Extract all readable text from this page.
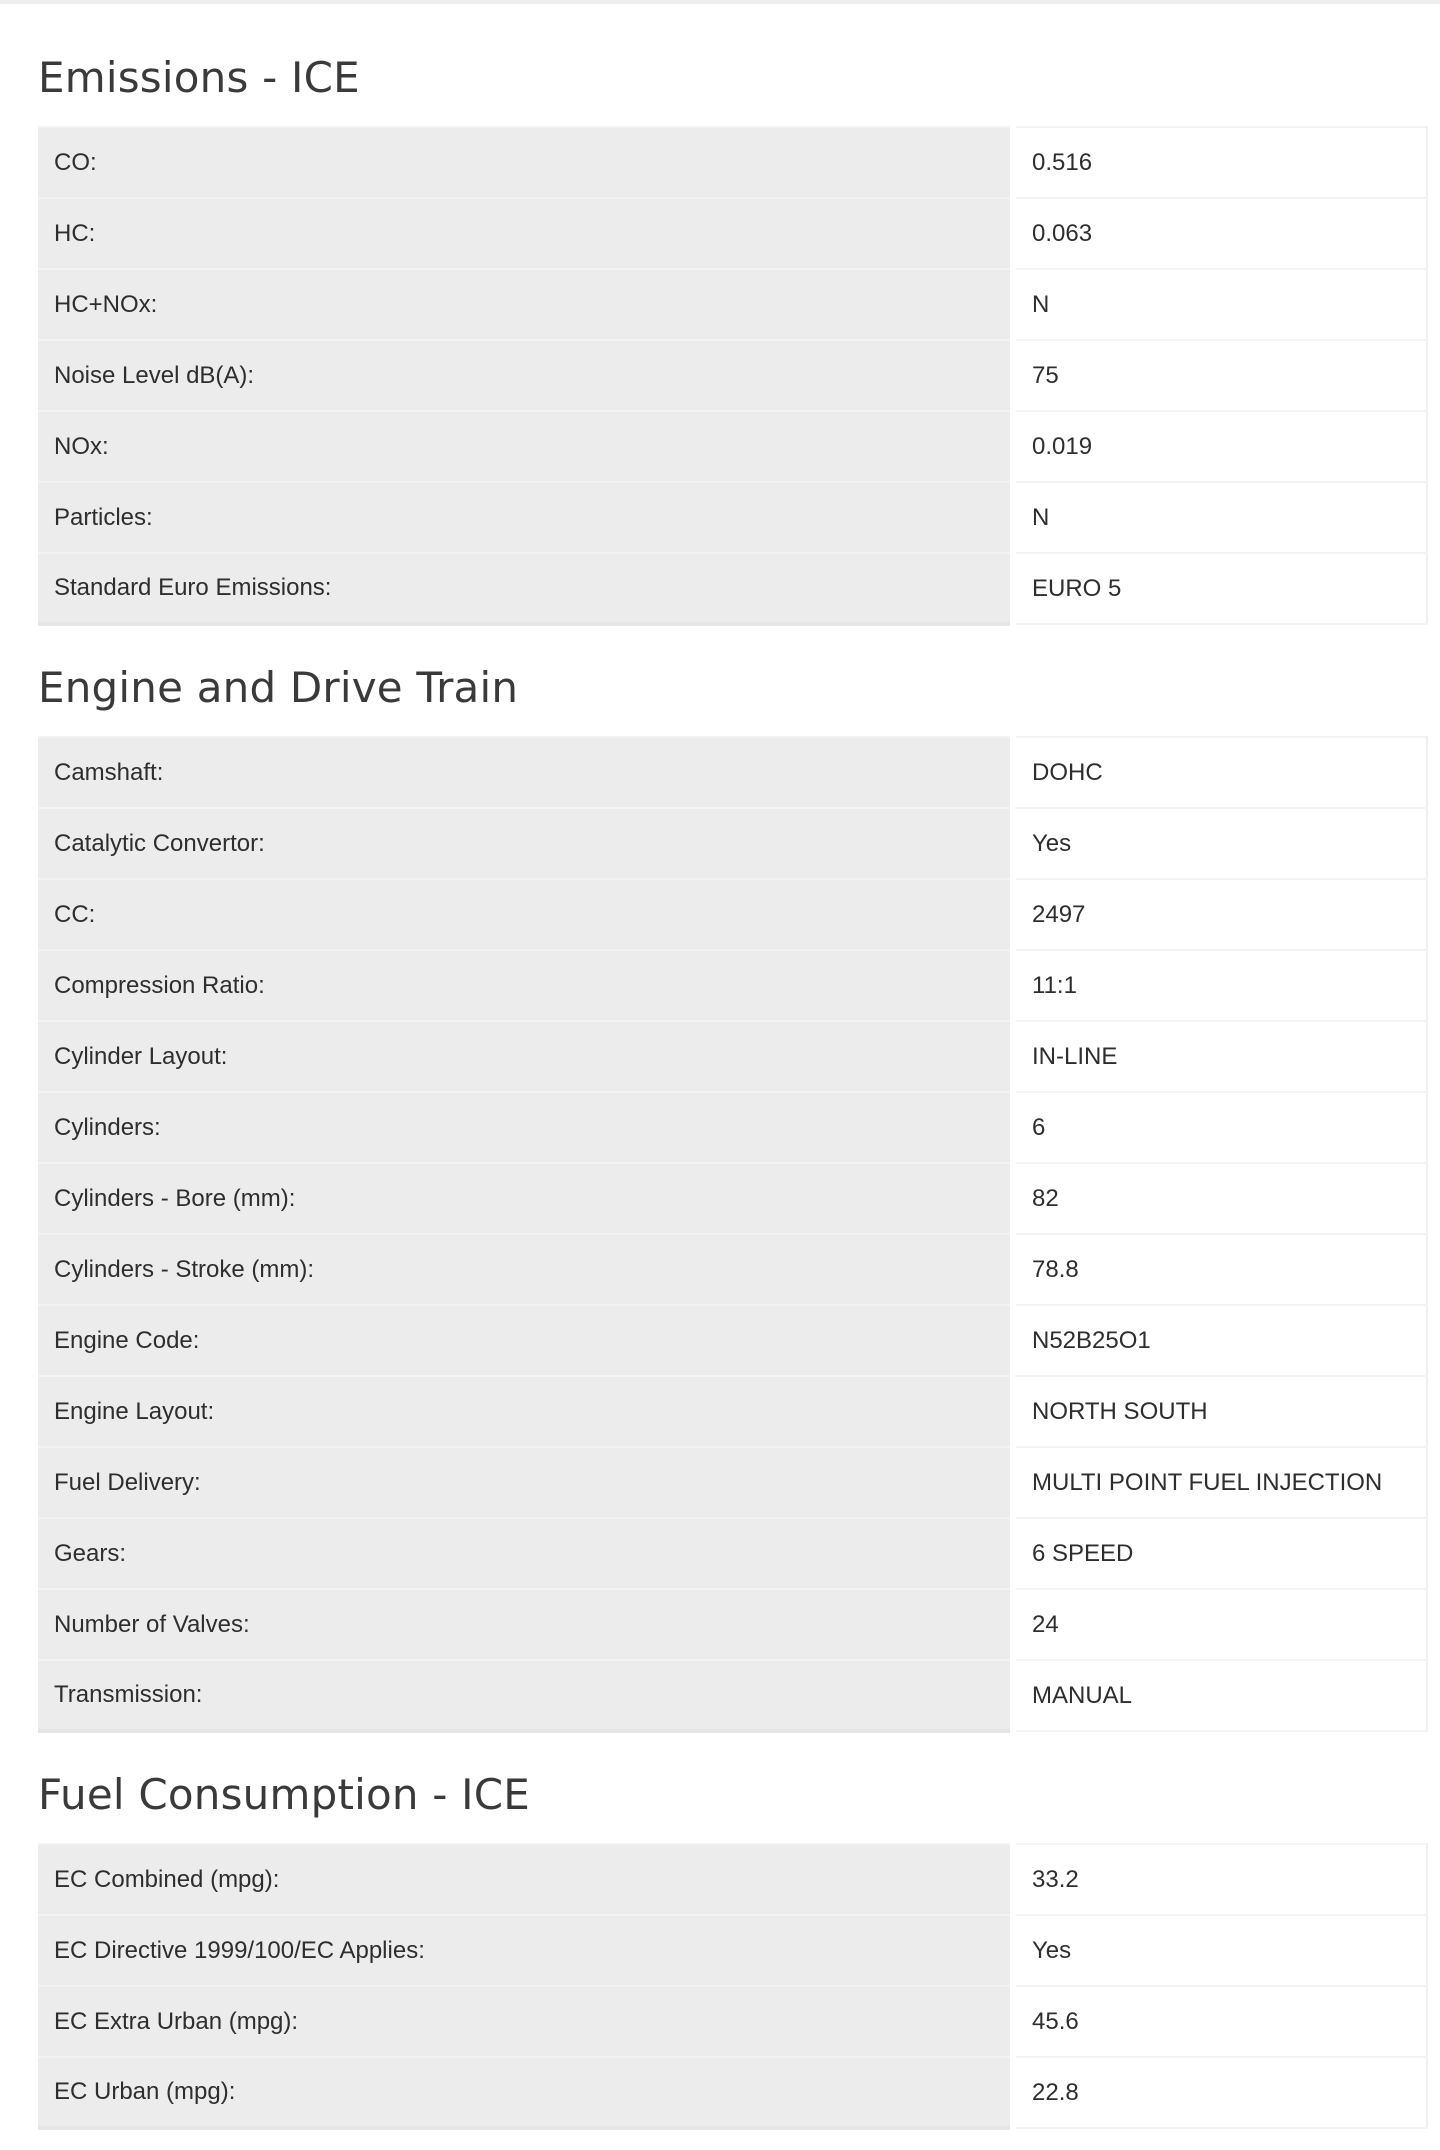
Emissions - ICE
CO:	0.516
HC:	0.063
HC+NOx:	N
Noise Level dB(A):	75
NOx:	0.019
Particles:	N
Standard Euro Emissions:	EURO 5
Engine and Drive Train
Camshaft:	DOHC
Catalytic Convertor:	Yes
CC:	2497
Compression Ratio:	11:1
Cylinder Layout:	IN-LINE
Cylinders:	6
Cylinders - Bore (mm):	82
Cylinders - Stroke (mm):	78.8
Engine Code:	N52B25O1
Engine Layout:	NORTH SOUTH
Fuel Delivery:	MULTI POINT FUEL INJECTION
Gears:	6 SPEED
Number of Valves:	24
Transmission:	MANUAL
Fuel Consumption - ICE
EC Combined (mpg):	33.2
EC Directive 1999/100/EC Applies:	Yes
EC Extra Urban (mpg):	45.6
EC Urban (mpg):	22.8
